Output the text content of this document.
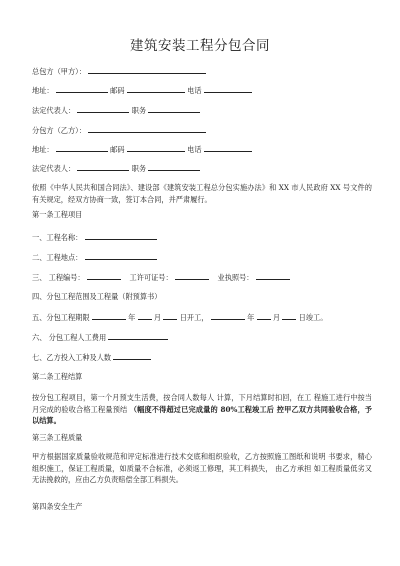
建筑安装工程分包合同
总包方（甲方）：
地址：	邮码	电话
法定代表人：	职务
分包方（乙方）：
地址：	邮码	电话
法定代表人：	职务
依照《中华人民共和国合同法》、建设部《建筑安装工程总分包实施办法》和 XX 市人民政府 XX 号文件的有关规定，经双方协商一致，签订本合同，并严肃履行。
第一条工程项目
一、工程名称：
二、工程地点：
三、 工程编号：	工许可证号：	业执照号：
四、分包工程范围及工程量（附预算书）
五、分包工程期限	年	月	日开工，	年	月	日竣工。
六、 分包工程人工费用
七、乙方投入工种及人数
第二条工程结算
按分包工程项目，第一个月预支生活费，按合同人数每人 计算，下月结算时扣回，在工 程施工进行中按当月完成的验收合格工程量预结 （幅度不得超过已完成量的 80%工程竣工后 控甲乙双方共同验收合格，予以结算。
第三条工程质量
甲方根据国家质量验收规范和评定标准进行技术交底和组织验收，乙方按照施工图纸和说明 书要求，精心组织施工，保证工程质量，如质量不合标准，必须返工修理，其工料损失， 由乙方承担 如工程质量低劣又无法挽救的，应由乙方负责赔偿全部工料损失。
第四条安全生产
